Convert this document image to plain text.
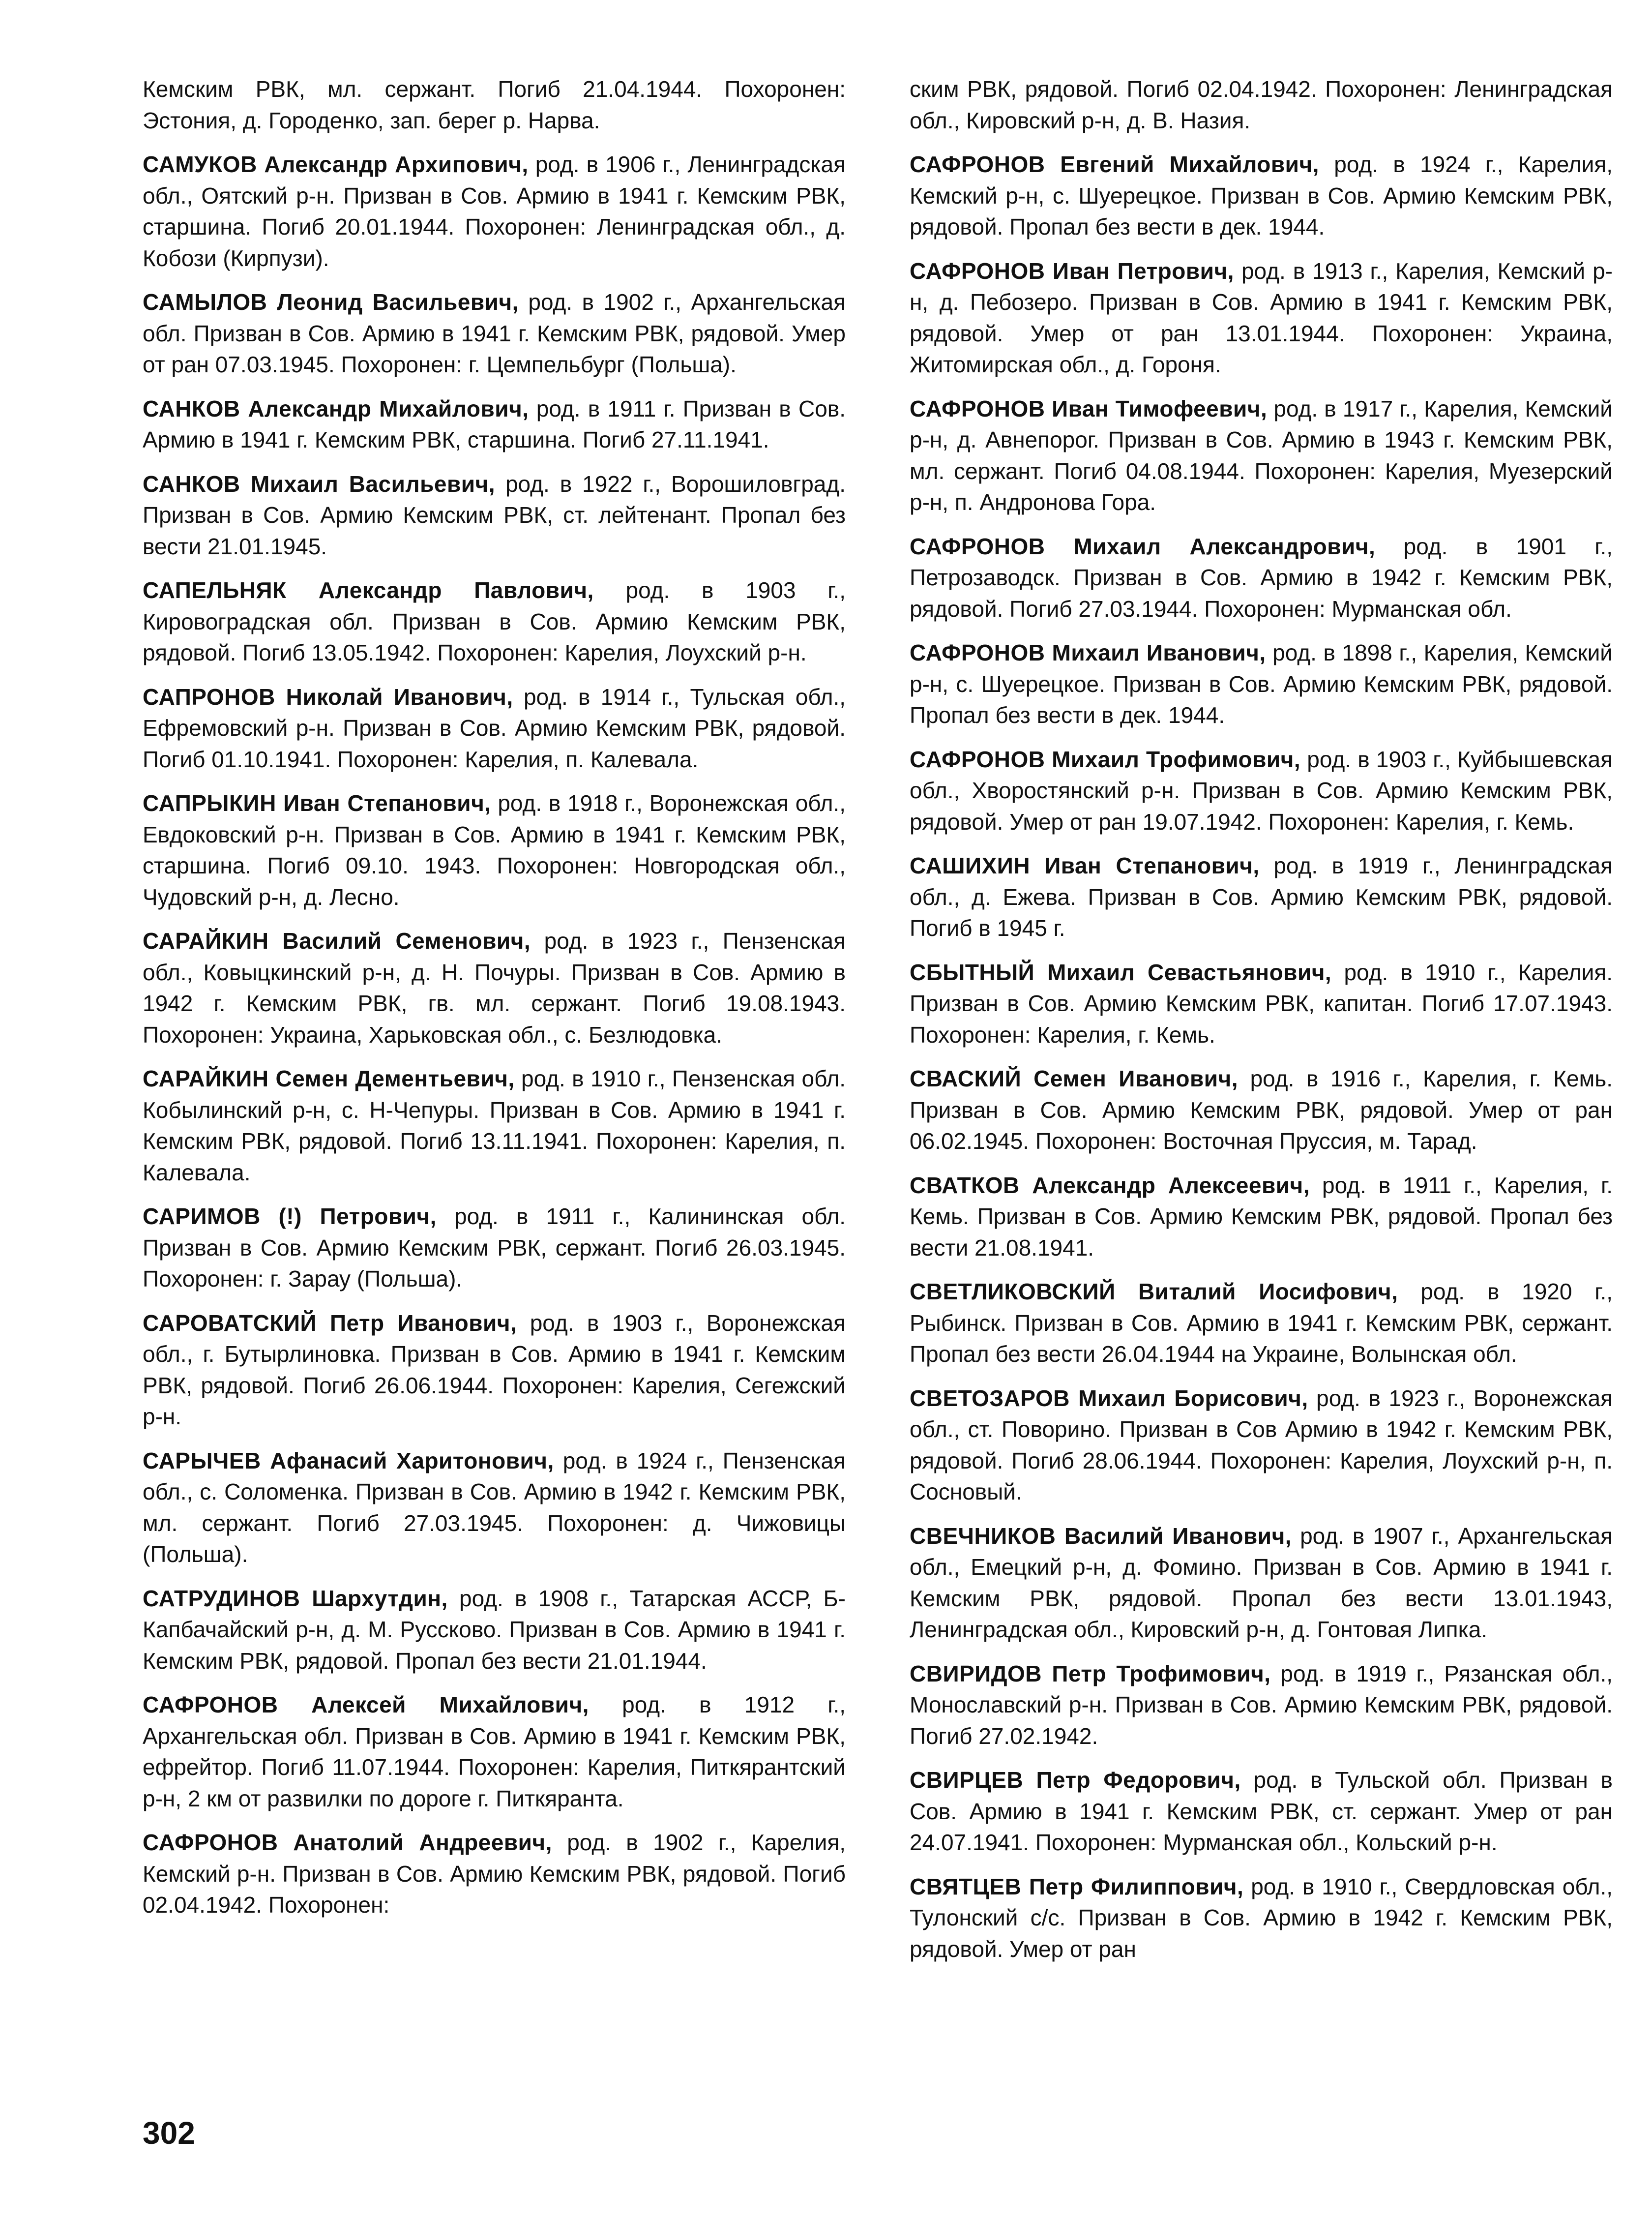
Кемским РВК, мл. сержант. Погиб 21.04.1944. Похоронен: Эстония, д. Городенко, зап. берег р. Нарва.

САМУКОВ Александр Архипович, род. в 1906 г., Ленинградская обл., Оятский р-н. Призван в Сов. Армию в 1941 г. Кемским РВК, старшина. Погиб 20.01.1944. Похоронен: Ленинградская обл., д. Кобози (Кирпузи).

САМЫЛОВ Леонид Васильевич, род. в 1902 г., Архангельская обл. Призван в Сов. Армию в 1941 г. Кемским РВК, рядовой. Умер от ран 07.03.1945. Похоронен: г. Цемпельбург (Польша).

САНКОВ Александр Михайлович, род. в 1911 г. Призван в Сов. Армию в 1941 г. Кемским РВК, старшина. Погиб 27.11.1941.

САНКОВ Михаил Васильевич, род. в 1922 г., Ворошиловград. Призван в Сов. Армию Кемским РВК, ст. лейтенант. Пропал без вести 21.01.1945.

САПЕЛЬНЯК Александр Павлович, род. в 1903 г., Кировоградская обл. Призван в Сов. Армию Кемским РВК, рядовой. Погиб 13.05.1942. Похоронен: Карелия, Лоухский р-н.

САПРОНОВ Николай Иванович, род. в 1914 г., Тульская обл., Ефремовский р-н. Призван в Сов. Армию Кемским РВК, рядовой. Погиб 01.10.1941. Похоронен: Карелия, п. Калевала.

САПРЫКИН Иван Степанович, род. в 1918 г., Воронежская обл., Евдоковский р-н. Призван в Сов. Армию в 1941 г. Кемским РВК, старшина. Погиб 09.10. 1943. Похоронен: Новгородская обл., Чудовский р-н, д. Лесно.

САРАЙКИН Василий Семенович, род. в 1923 г., Пензенская обл., Ковыцкинский р-н, д. Н. Почуры. Призван в Сов. Армию в 1942 г. Кемским РВК, гв. мл. сержант. Погиб 19.08.1943. Похоронен: Украина, Харьковская обл., с. Безлюдовка.

САРАЙКИН Семен Дементьевич, род. в 1910 г., Пензенская обл. Кобылинский р-н, с. Н-Чепуры. Призван в Сов. Армию в 1941 г. Кемским РВК, рядовой. Погиб 13.11.1941. Похоронен: Карелия, п. Калевала.

САРИМОВ (!) Петрович, род. в 1911 г., Калининская обл. Призван в Сов. Армию Кемским РВК, сержант. Погиб 26.03.1945. Похоронен: г. Зарау (Польша).

САРОВАТСКИЙ Петр Иванович, род. в 1903 г., Воронежская обл., г. Бутырлиновка. Призван в Сов. Армию в 1941 г. Кемским РВК, рядовой. Погиб 26.06.1944. Похоронен: Карелия, Сегежский р-н.

САРЫЧЕВ Афанасий Харитонович, род. в 1924 г., Пензенская обл., с. Соломенка. Призван в Сов. Армию в 1942 г. Кемским РВК, мл. сержант. Погиб 27.03.1945. Похоронен: д. Чижовицы (Польша).

САТРУДИНОВ Шархутдин, род. в 1908 г., Татарская АССР, Б-Капбачайский р-н, д. М. Руссково. Призван в Сов. Армию в 1941 г. Кемским РВК, рядовой. Пропал без вести 21.01.1944.

САФРОНОВ Алексей Михайлович, род. в 1912 г., Архангельская обл. Призван в Сов. Армию в 1941 г. Кемским РВК, ефрейтор. Погиб 11.07.1944. Похоронен: Карелия, Питкярантский р-н, 2 км от развилки по дороге г. Питкяранта.

САФРОНОВ Анатолий Андреевич, род. в 1902 г., Карелия, Кемский р-н. Призван в Сов. Армию Кемским РВК, рядовой. Погиб 02.04.1942. Похоронен:

ским РВК, рядовой. Погиб 02.04.1942. Похоронен: Ленинградская обл., Кировский р-н, д. В. Назия.

САФРОНОВ Евгений Михайлович, род. в 1924 г., Карелия, Кемский р-н, с. Шуерецкое. Призван в Сов. Армию Кемским РВК, рядовой. Пропал без вести в дек. 1944.

САФРОНОВ Иван Петрович, род. в 1913 г., Карелия, Кемский р-н, д. Пебозеро. Призван в Сов. Армию в 1941 г. Кемским РВК, рядовой. Умер от ран 13.01.1944. Похоронен: Украина, Житомирская обл., д. Гороня.

САФРОНОВ Иван Тимофеевич, род. в 1917 г., Карелия, Кемский р-н, д. Авнепорог. Призван в Сов. Армию в 1943 г. Кемским РВК, мл. сержант. Погиб 04.08.1944. Похоронен: Карелия, Муезерский р-н, п. Андронова Гора.

САФРОНОВ Михаил Александрович, род. в 1901 г., Петрозаводск. Призван в Сов. Армию в 1942 г. Кемским РВК, рядовой. Погиб 27.03.1944. Похоронен: Мурманская обл.

САФРОНОВ Михаил Иванович, род. в 1898 г., Карелия, Кемский р-н, с. Шуерецкое. Призван в Сов. Армию Кемским РВК, рядовой. Пропал без вести в дек. 1944.

САФРОНОВ Михаил Трофимович, род. в 1903 г., Куйбышевская обл., Хворостянский р-н. Призван в Сов. Армию Кемским РВК, рядовой. Умер от ран 19.07.1942. Похоронен: Карелия, г. Кемь.

САШИХИН Иван Степанович, род. в 1919 г., Ленинградская обл., д. Ежева. Призван в Сов. Армию Кемским РВК, рядовой. Погиб в 1945 г.

СБЫТНЫЙ Михаил Севастьянович, род. в 1910 г., Карелия. Призван в Сов. Армию Кемским РВК, капитан. Погиб 17.07.1943. Похоронен: Карелия, г. Кемь.

СВАСКИЙ Семен Иванович, род. в 1916 г., Карелия, г. Кемь. Призван в Сов. Армию Кемским РВК, рядовой. Умер от ран 06.02.1945. Похоронен: Восточная Пруссия, м. Тарад.

СВАТКОВ Александр Алексеевич, род. в 1911 г., Карелия, г. Кемь. Призван в Сов. Армию Кемским РВК, рядовой. Пропал без вести 21.08.1941.

СВЕТЛИКОВСКИЙ Виталий Иосифович, род. в 1920 г., Рыбинск. Призван в Сов. Армию в 1941 г. Кемским РВК, сержант. Пропал без вести 26.04.1944 на Украине, Волынская обл.

СВЕТОЗАРОВ Михаил Борисович, род. в 1923 г., Воронежская обл., ст. Поворино. Призван в Сов Армию в 1942 г. Кемским РВК, рядовой. Погиб 28.06.1944. Похоронен: Карелия, Лоухский р-н, п. Сосновый.

СВЕЧНИКОВ Василий Иванович, род. в 1907 г., Архангельская обл., Емецкий р-н, д. Фомино. Призван в Сов. Армию в 1941 г. Кемским РВК, рядовой. Пропал без вести 13.01.1943, Ленинградская обл., Кировский р-н, д. Гонтовая Липка.

СВИРИДОВ Петр Трофимович, род. в 1919 г., Рязанская обл., Монославский р-н. Призван в Сов. Армию Кемским РВК, рядовой. Погиб 27.02.1942.

СВИРЦЕВ Петр Федорович, род. в Тульской обл. Призван в Сов. Армию в 1941 г. Кемским РВК, ст. сержант. Умер от ран 24.07.1941. Похоронен: Мурманская обл., Кольский р-н.

СВЯТЦЕВ Петр Филиппович, род. в 1910 г., Свердловская обл., Тулонский с/с. Призван в Сов. Армию в 1942 г. Кемским РВК, рядовой. Умер от ран

302
